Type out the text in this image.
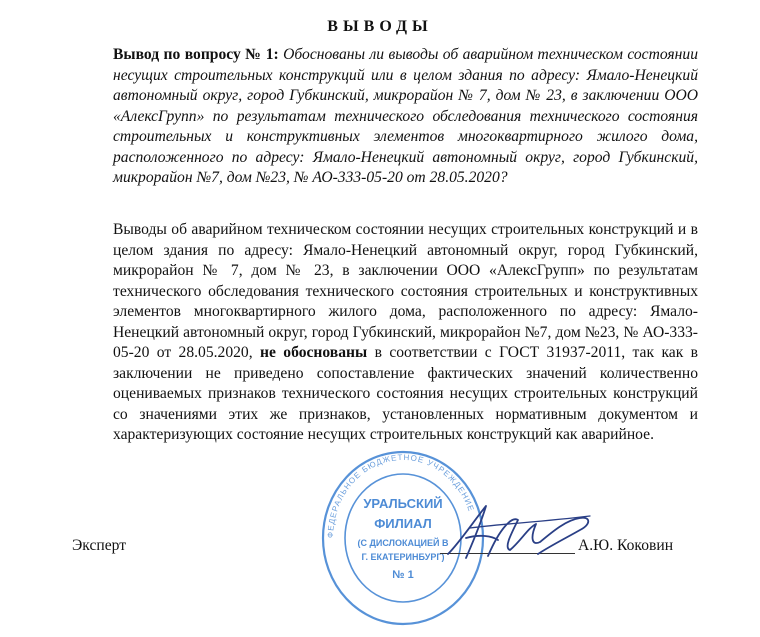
ВЫВОДЫ
Вывод по вопросу № 1: Обоснованы ли выводы об аварийном техническом состоянии несущих строительных конструкций или в целом здания по адресу: Ямало-Ненецкий автономный округ, город Губкинский, микрорайон № 7, дом № 23, в заключении ООО «АлексГрупп» по результатам технического обследования технического состояния строительных и конструктивных элементов многоквартирного жилого дома, расположенного по адресу: Ямало-Ненецкий автономный округ, город Губкинский, микрорайон №7, дом №23, № АО-333-05-20 от 28.05.2020?
Выводы об аварийном техническом состоянии несущих строительных конструкций и в целом здания по адресу: Ямало-Ненецкий автономный округ, город Губкинский, микрорайон № 7, дом № 23, в заключении ООО «АлексГрупп» по результатам технического обследования технического состояния строительных и конструктивных элементов многоквартирного жилого дома, расположенного по адресу: Ямало-Ненецкий автономный округ, город Губкинский, микрорайон №7, дом №23, № АО-333-05-20 от 28.05.2020, не обоснованы в соответствии с ГОСТ 31937-2011, так как в заключении не приведено сопоставление фактических значений количественно оцениваемых признаков технического состояния несущих строительных конструкций со значениями этих же признаков, установленных нормативным документом и характеризующих состояние несущих строительных конструкций как аварийное.
ФЕДЕРАЛЬНОЕ БЮДЖЕТНОЕ УЧРЕЖДЕНИЕ
УРАЛЬСКИЙ
ФИЛИАЛ
(С ДИСЛОКАЦИЕЙ В
Г. ЕКАТЕРИНБУРГ)
№ 1
Эксперт	А.Ю. Коковин
